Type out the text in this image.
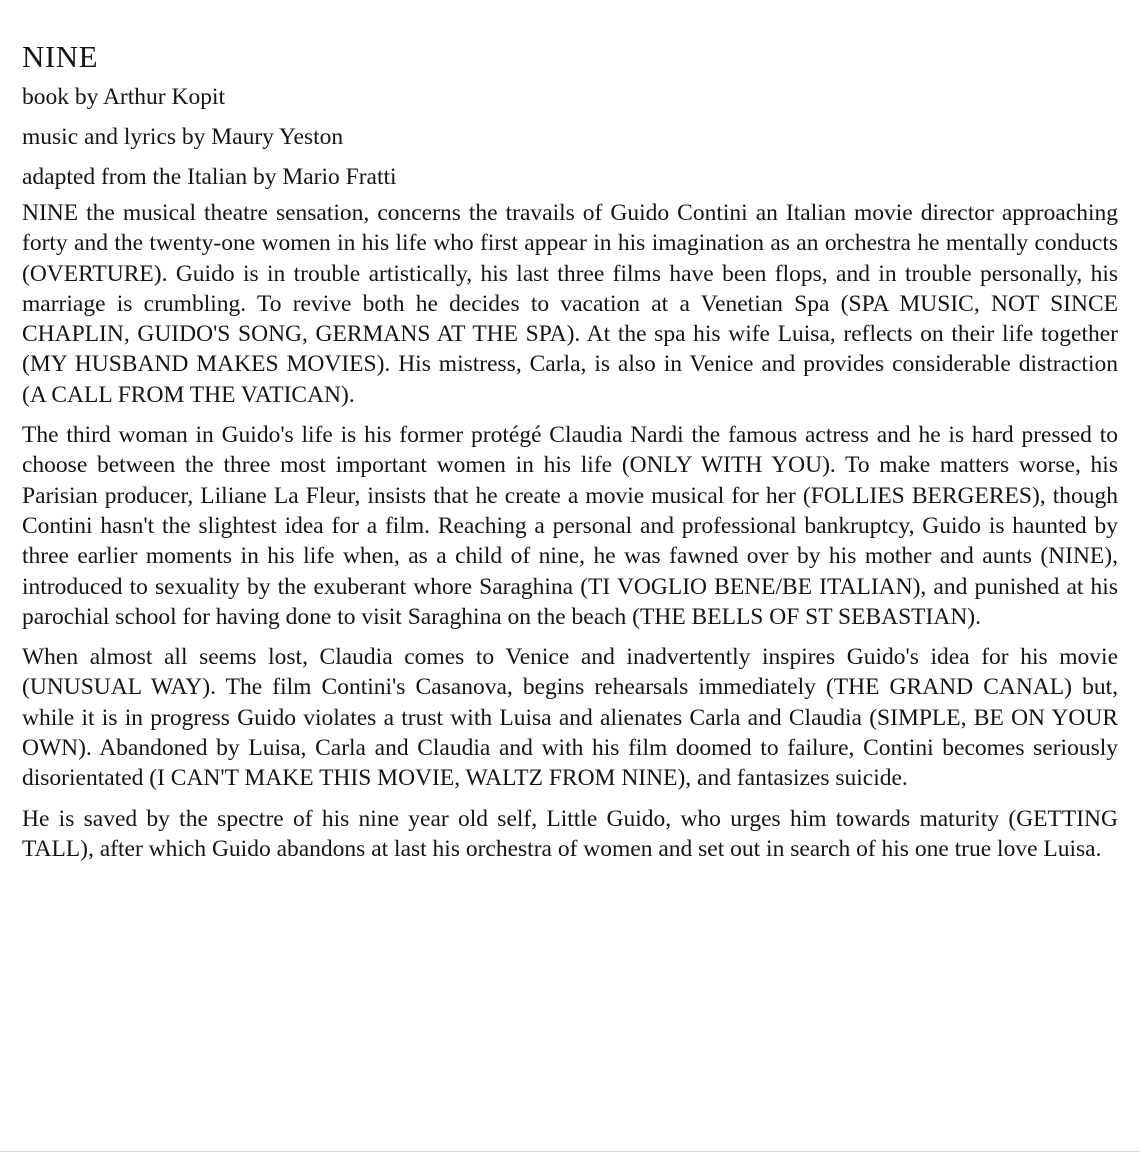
NINE
book by Arthur Kopit
music and lyrics by Maury Yeston
adapted from the Italian by Mario Fratti

NINE the musical theatre sensation, concerns the travails of Guido Contini an Italian movie director approaching forty and the twenty-one women in his life who first appear in his imagination as an orchestra he mentally conducts (OVERTURE). Guido is in trouble artistically, his last three films have been flops, and in trouble personally, his marriage is crumbling. To revive both he decides to vacation at a Venetian Spa (SPA MUSIC, NOT SINCE CHAPLIN, GUIDO'S SONG, GERMANS AT THE SPA). At the spa his wife Luisa, reflects on their life together (MY HUSBAND MAKES MOVIES). His mistress, Carla, is also in Venice and provides considerable distraction (A CALL FROM THE VATICAN).

The third woman in Guido's life is his former protégé Claudia Nardi the famous actress and he is hard pressed to choose between the three most important women in his life (ONLY WITH YOU). To make matters worse, his Parisian producer, Liliane La Fleur, insists that he create a movie musical for her (FOLLIES BERGERES), though Contini hasn't the slightest idea for a film. Reaching a personal and professional bankruptcy, Guido is haunted by three earlier moments in his life when, as a child of nine, he was fawned over by his mother and aunts (NINE), introduced to sexuality by the exuberant whore Saraghina (TI VOGLIO BENE/BE ITALIAN), and punished at his parochial school for having done to visit Saraghina on the beach (THE BELLS OF ST SEBASTIAN).

When almost all seems lost, Claudia comes to Venice and inadvertently inspires Guido's idea for his movie (UNUSUAL WAY). The film Contini's Casanova, begins rehearsals immediately (THE GRAND CANAL) but, while it is in progress Guido violates a trust with Luisa and alienates Carla and Claudia (SIMPLE, BE ON YOUR OWN). Abandoned by Luisa, Carla and Claudia and with his film doomed to failure, Contini becomes seriously disorientated (I CAN'T MAKE THIS MOVIE, WALTZ FROM NINE), and fantasizes suicide.

He is saved by the spectre of his nine year old self, Little Guido, who urges him towards maturity (GETTING TALL), after which Guido abandons at last his orchestra of women and set out in search of his one true love Luisa.
